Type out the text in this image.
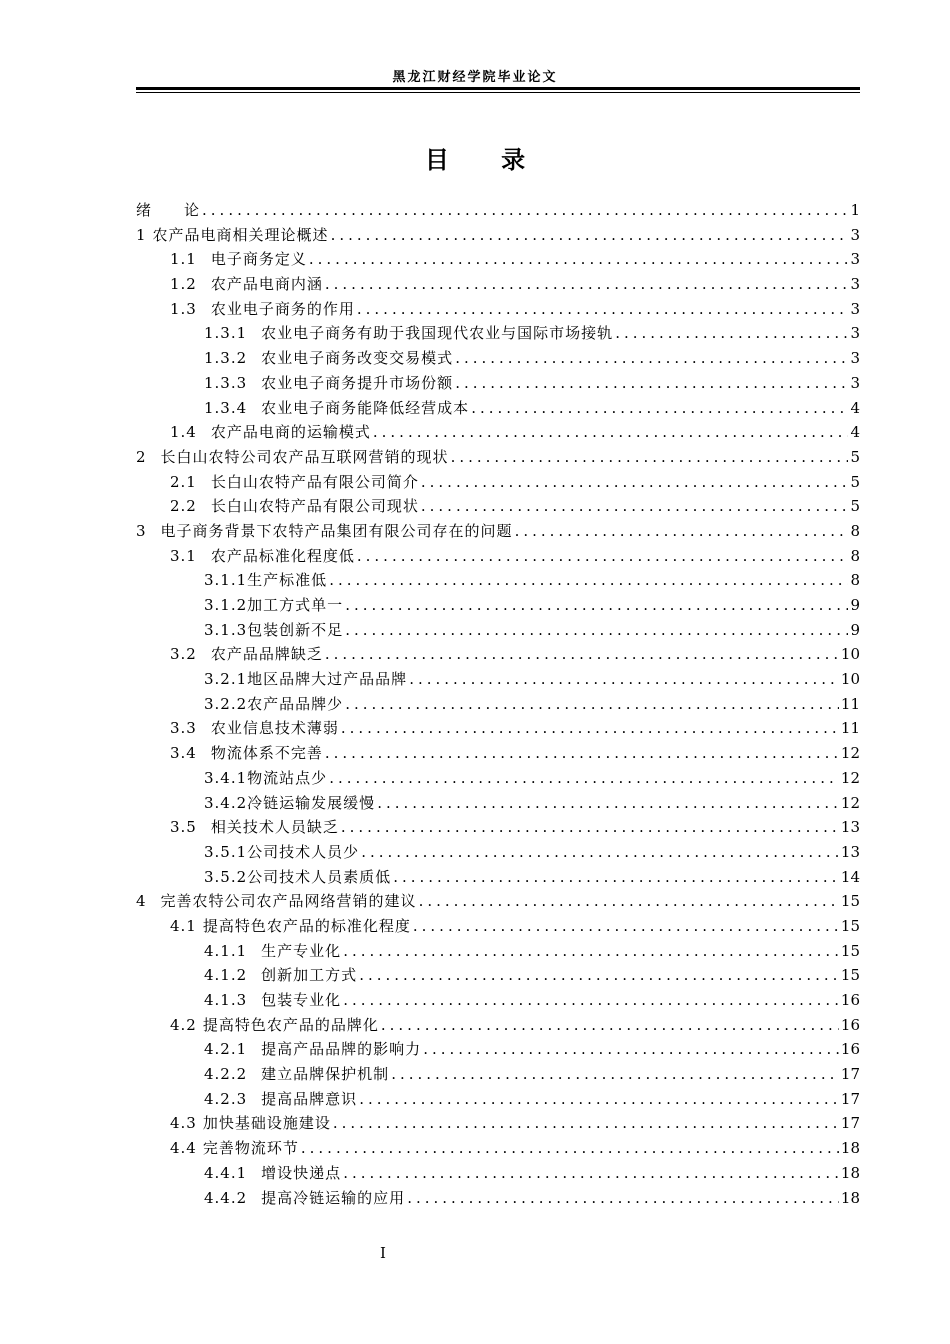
黑龙江财经学院毕业论文
目 录
绪　　论 .....	1
1 农产品电商相关理论概述 .....	3
1.1 电子商务定义 .....	3
1.2 农产品电商内涵 .....	3
1.3 农业电子商务的作用 .....	3
1.3.1 农业电子商务有助于我国现代农业与国际市场接轨 .....	3
1.3.2 农业电子商务改变交易模式 .....	3
1.3.3 农业电子商务提升市场份额 .....	3
1.3.4 农业电子商务能降低经营成本 .....	4
1.4 农产品电商的运输模式 .....	4
2 长白山农特公司农产品互联网营销的现状 .....	5
2.1 长白山农特产品有限公司简介 .....	5
2.2 长白山农特产品有限公司现状 .....	5
3 电子商务背景下农特产品集团有限公司存在的问题 .....	8
3.1 农产品标准化程度低 .....	8
3.1.1 生产标准低 .....	8
3.1.2 加工方式单一 .....	9
3.1.3 包装创新不足 .....	9
3.2 农产品品牌缺乏 .....	10
3.2.1 地区品牌大过产品品牌 .....	10
3.2.2 农产品品牌少 .....	11
3.3 农业信息技术薄弱 .....	11
3.4 物流体系不完善 .....	12
3.4.1 物流站点少 .....	12
3.4.2 冷链运输发展缓慢 .....	12
3.5 相关技术人员缺乏 .....	13
3.5.1 公司技术人员少 .....	13
3.5.2 公司技术人员素质低 .....	14
4 完善农特公司农产品网络营销的建议 .....	15
4.1 提高特色农产品的标准化程度 .....	15
4.1.1 生产专业化 .....	15
4.1.2 创新加工方式 .....	15
4.1.3 包装专业化 .....	16
4.2 提高特色农产品的品牌化 .....	16
4.2.1 提高产品品牌的影响力 .....	16
4.2.2 建立品牌保护机制 .....	17
4.2.3 提高品牌意识 .....	17
4.3 加快基础设施建设 .....	17
4.4 完善物流环节 .....	18
4.4.1 增设快递点 .....	18
4.4.2 提高冷链运输的应用 .....	18
I
